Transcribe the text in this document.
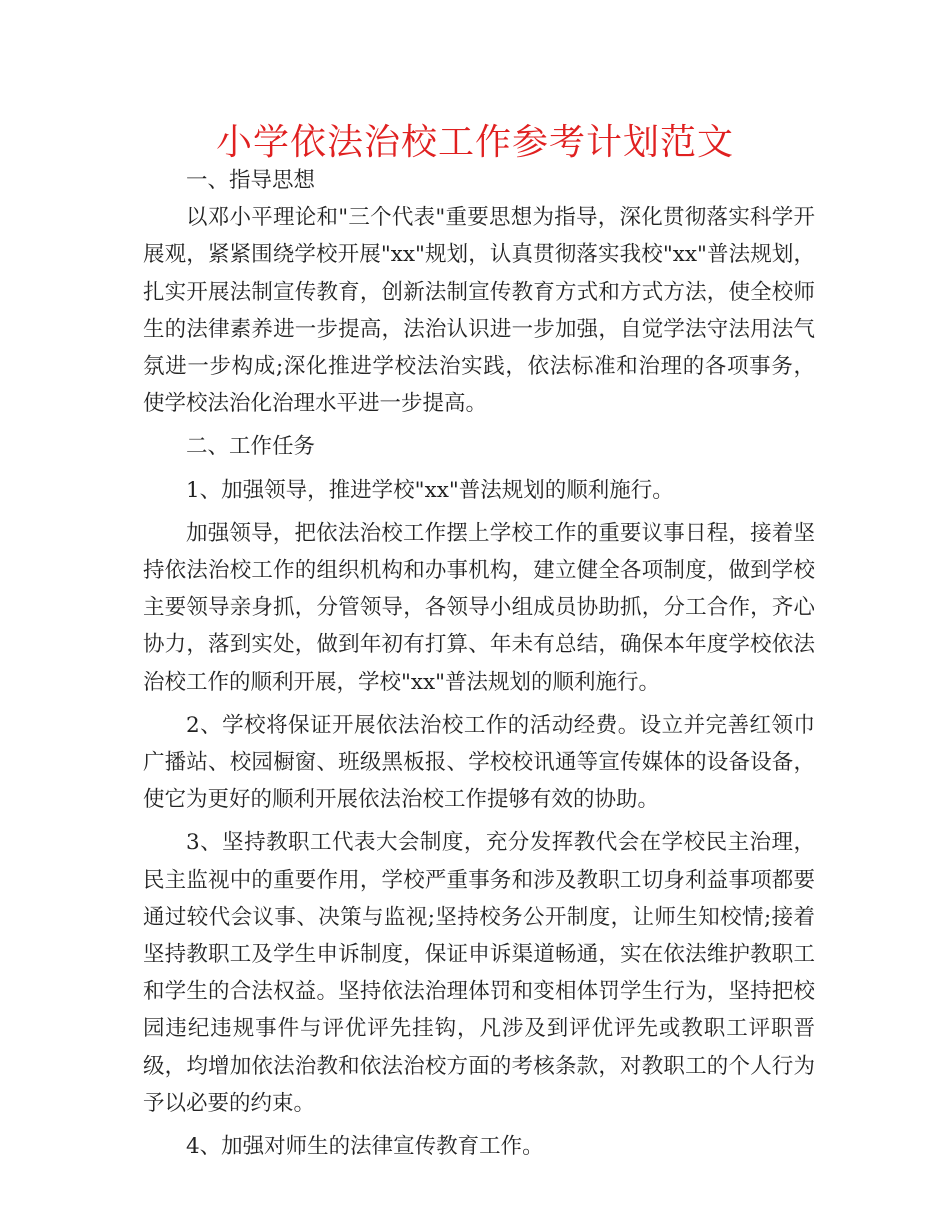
小学依法治校工作参考计划范文

一、指导思想

以邓小平理论和"三个代表"重要思想为指导，深化贯彻落实科学开展观，紧紧围绕学校开展"xx"规划，认真贯彻落实我校"xx"普法规划，扎实开展法制宣传教育，创新法制宣传教育方式和方式方法，使全校师生的法律素养进一步提高，法治认识进一步加强，自觉学法守法用法气氛进一步构成;深化推进学校法治实践，依法标准和治理的各项事务，使学校法治化治理水平进一步提高。

二、工作任务

1、加强领导，推进学校"xx"普法规划的顺利施行。

加强领导，把依法治校工作摆上学校工作的重要议事日程，接着坚持依法治校工作的组织机构和办事机构，建立健全各项制度，做到学校主要领导亲身抓，分管领导，各领导小组成员协助抓，分工合作，齐心协力，落到实处，做到年初有打算、年未有总结，确保本年度学校依法治校工作的顺利开展，学校"xx"普法规划的顺利施行。

2、学校将保证开展依法治校工作的活动经费。设立并完善红领巾广播站、校园橱窗、班级黑板报、学校校讯通等宣传媒体的设备设备，使它为更好的顺利开展依法治校工作提够有效的协助。

3、坚持教职工代表大会制度，充分发挥教代会在学校民主治理，民主监视中的重要作用，学校严重事务和涉及教职工切身利益事项都要通过较代会议事、决策与监视;坚持校务公开制度，让师生知校情;接着坚持教职工及学生申诉制度，保证申诉渠道畅通，实在依法维护教职工和学生的合法权益。坚持依法治理体罚和变相体罚学生行为，坚持把校园违纪违规事件与评优评先挂钩，凡涉及到评优评先或教职工评职晋级，均增加依法治教和依法治校方面的考核条款，对教职工的个人行为予以必要的约束。

4、加强对师生的法律宣传教育工作。
